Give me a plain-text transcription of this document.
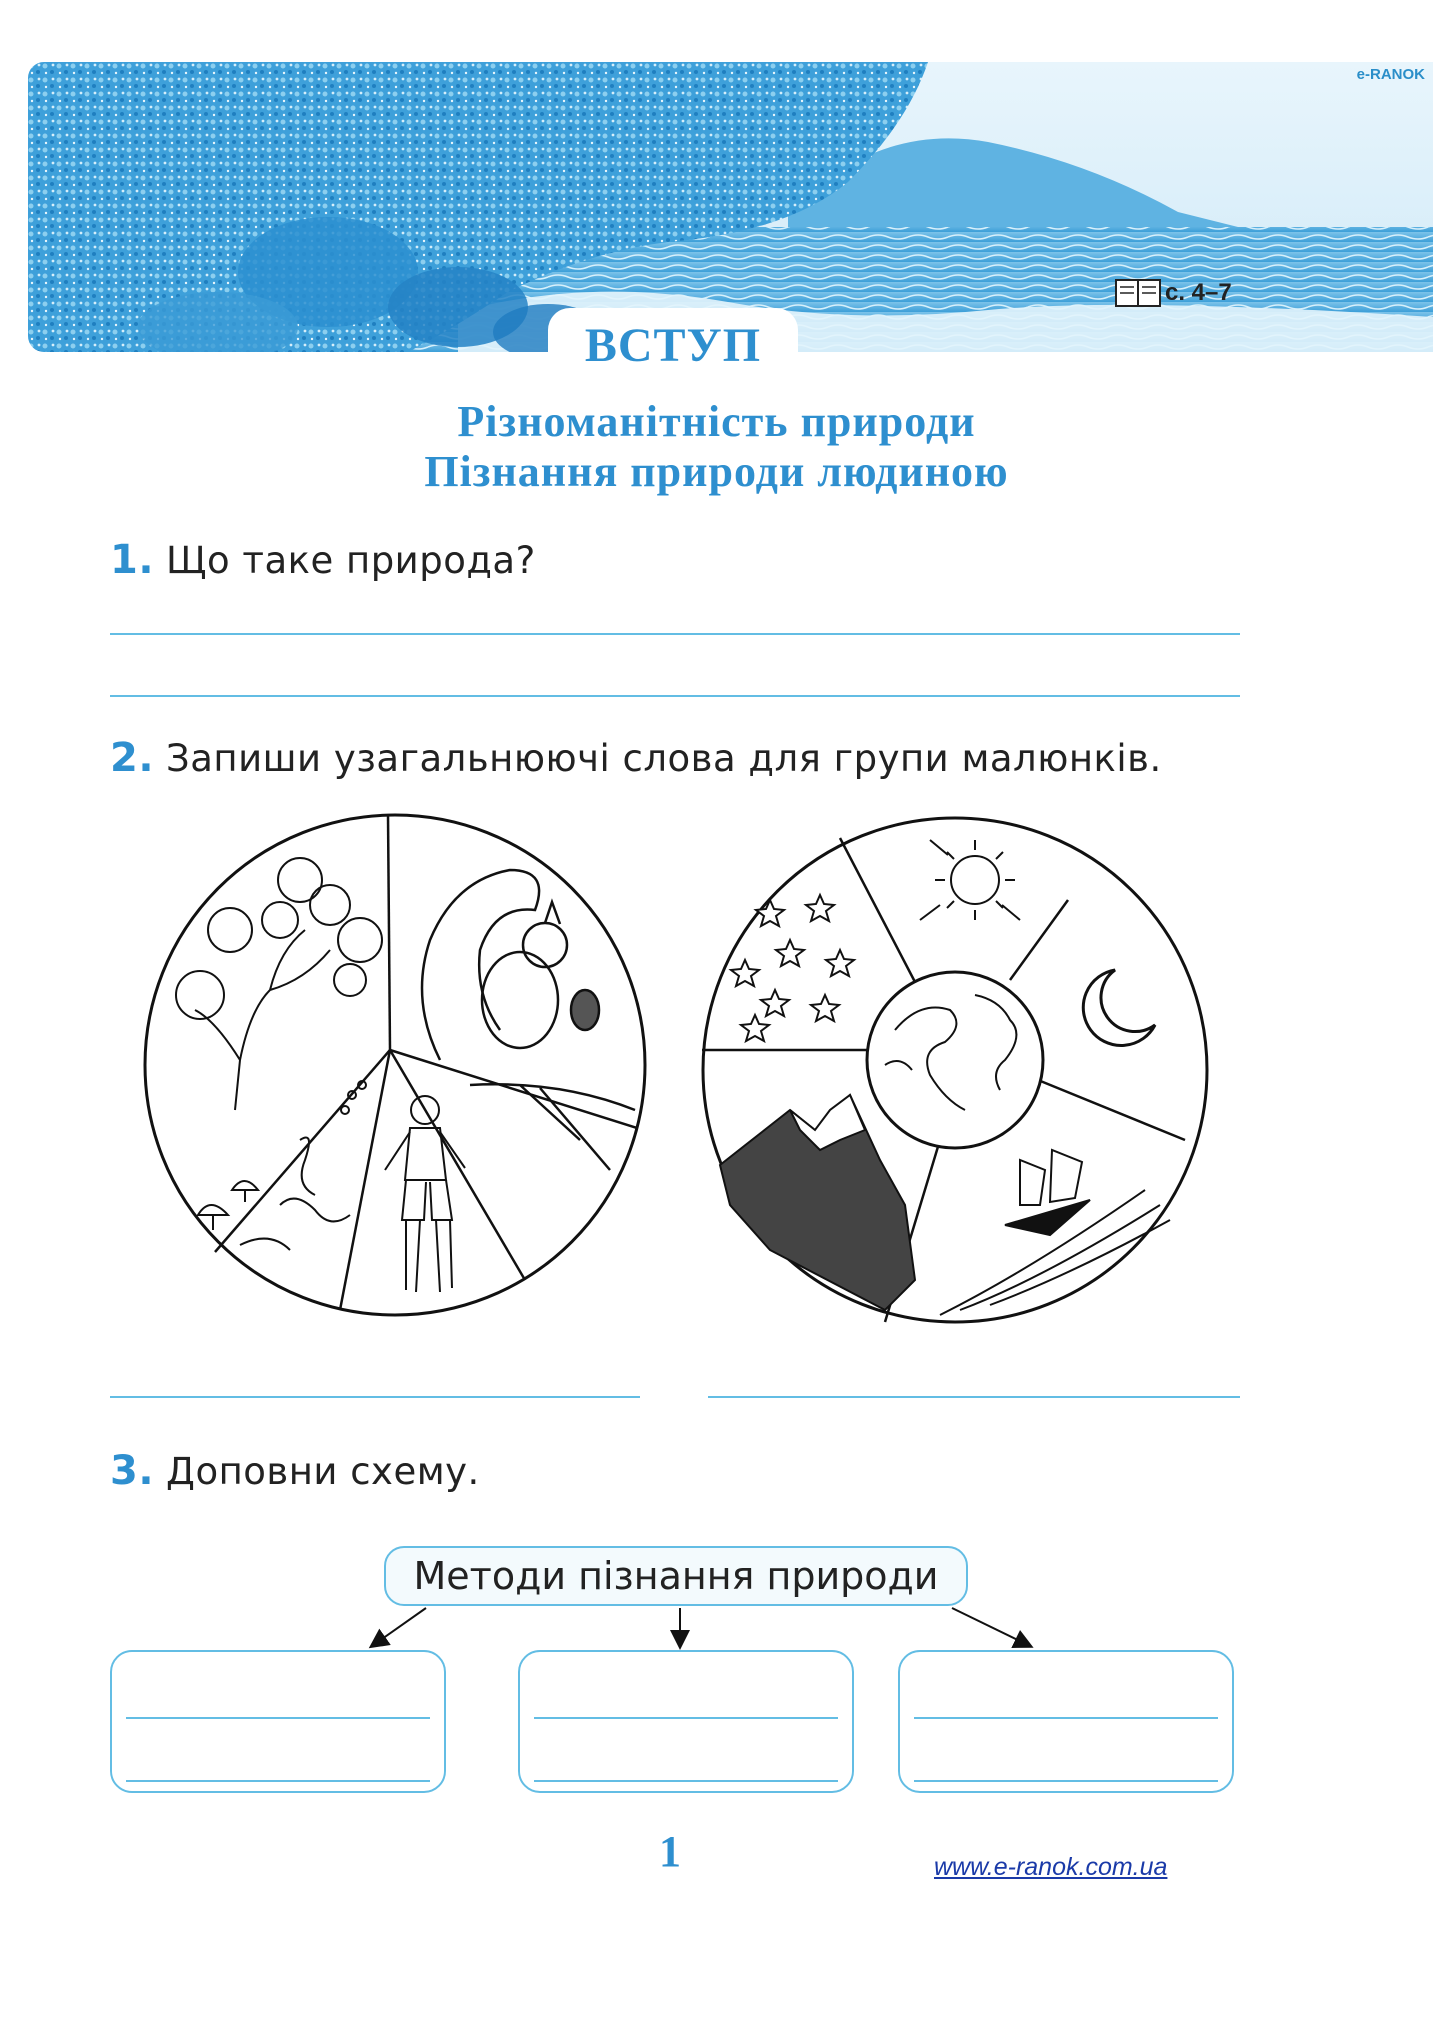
e-RANOK
с. 4–7
ВСТУП
Різноманітність природи
Пізнання природи людиною
1. Що таке природа?
2. Запиши узагальнюючі слова для групи малюнків.
3. Доповни схему.
Методи пізнання природи
1	www.e-ranok.com.ua
